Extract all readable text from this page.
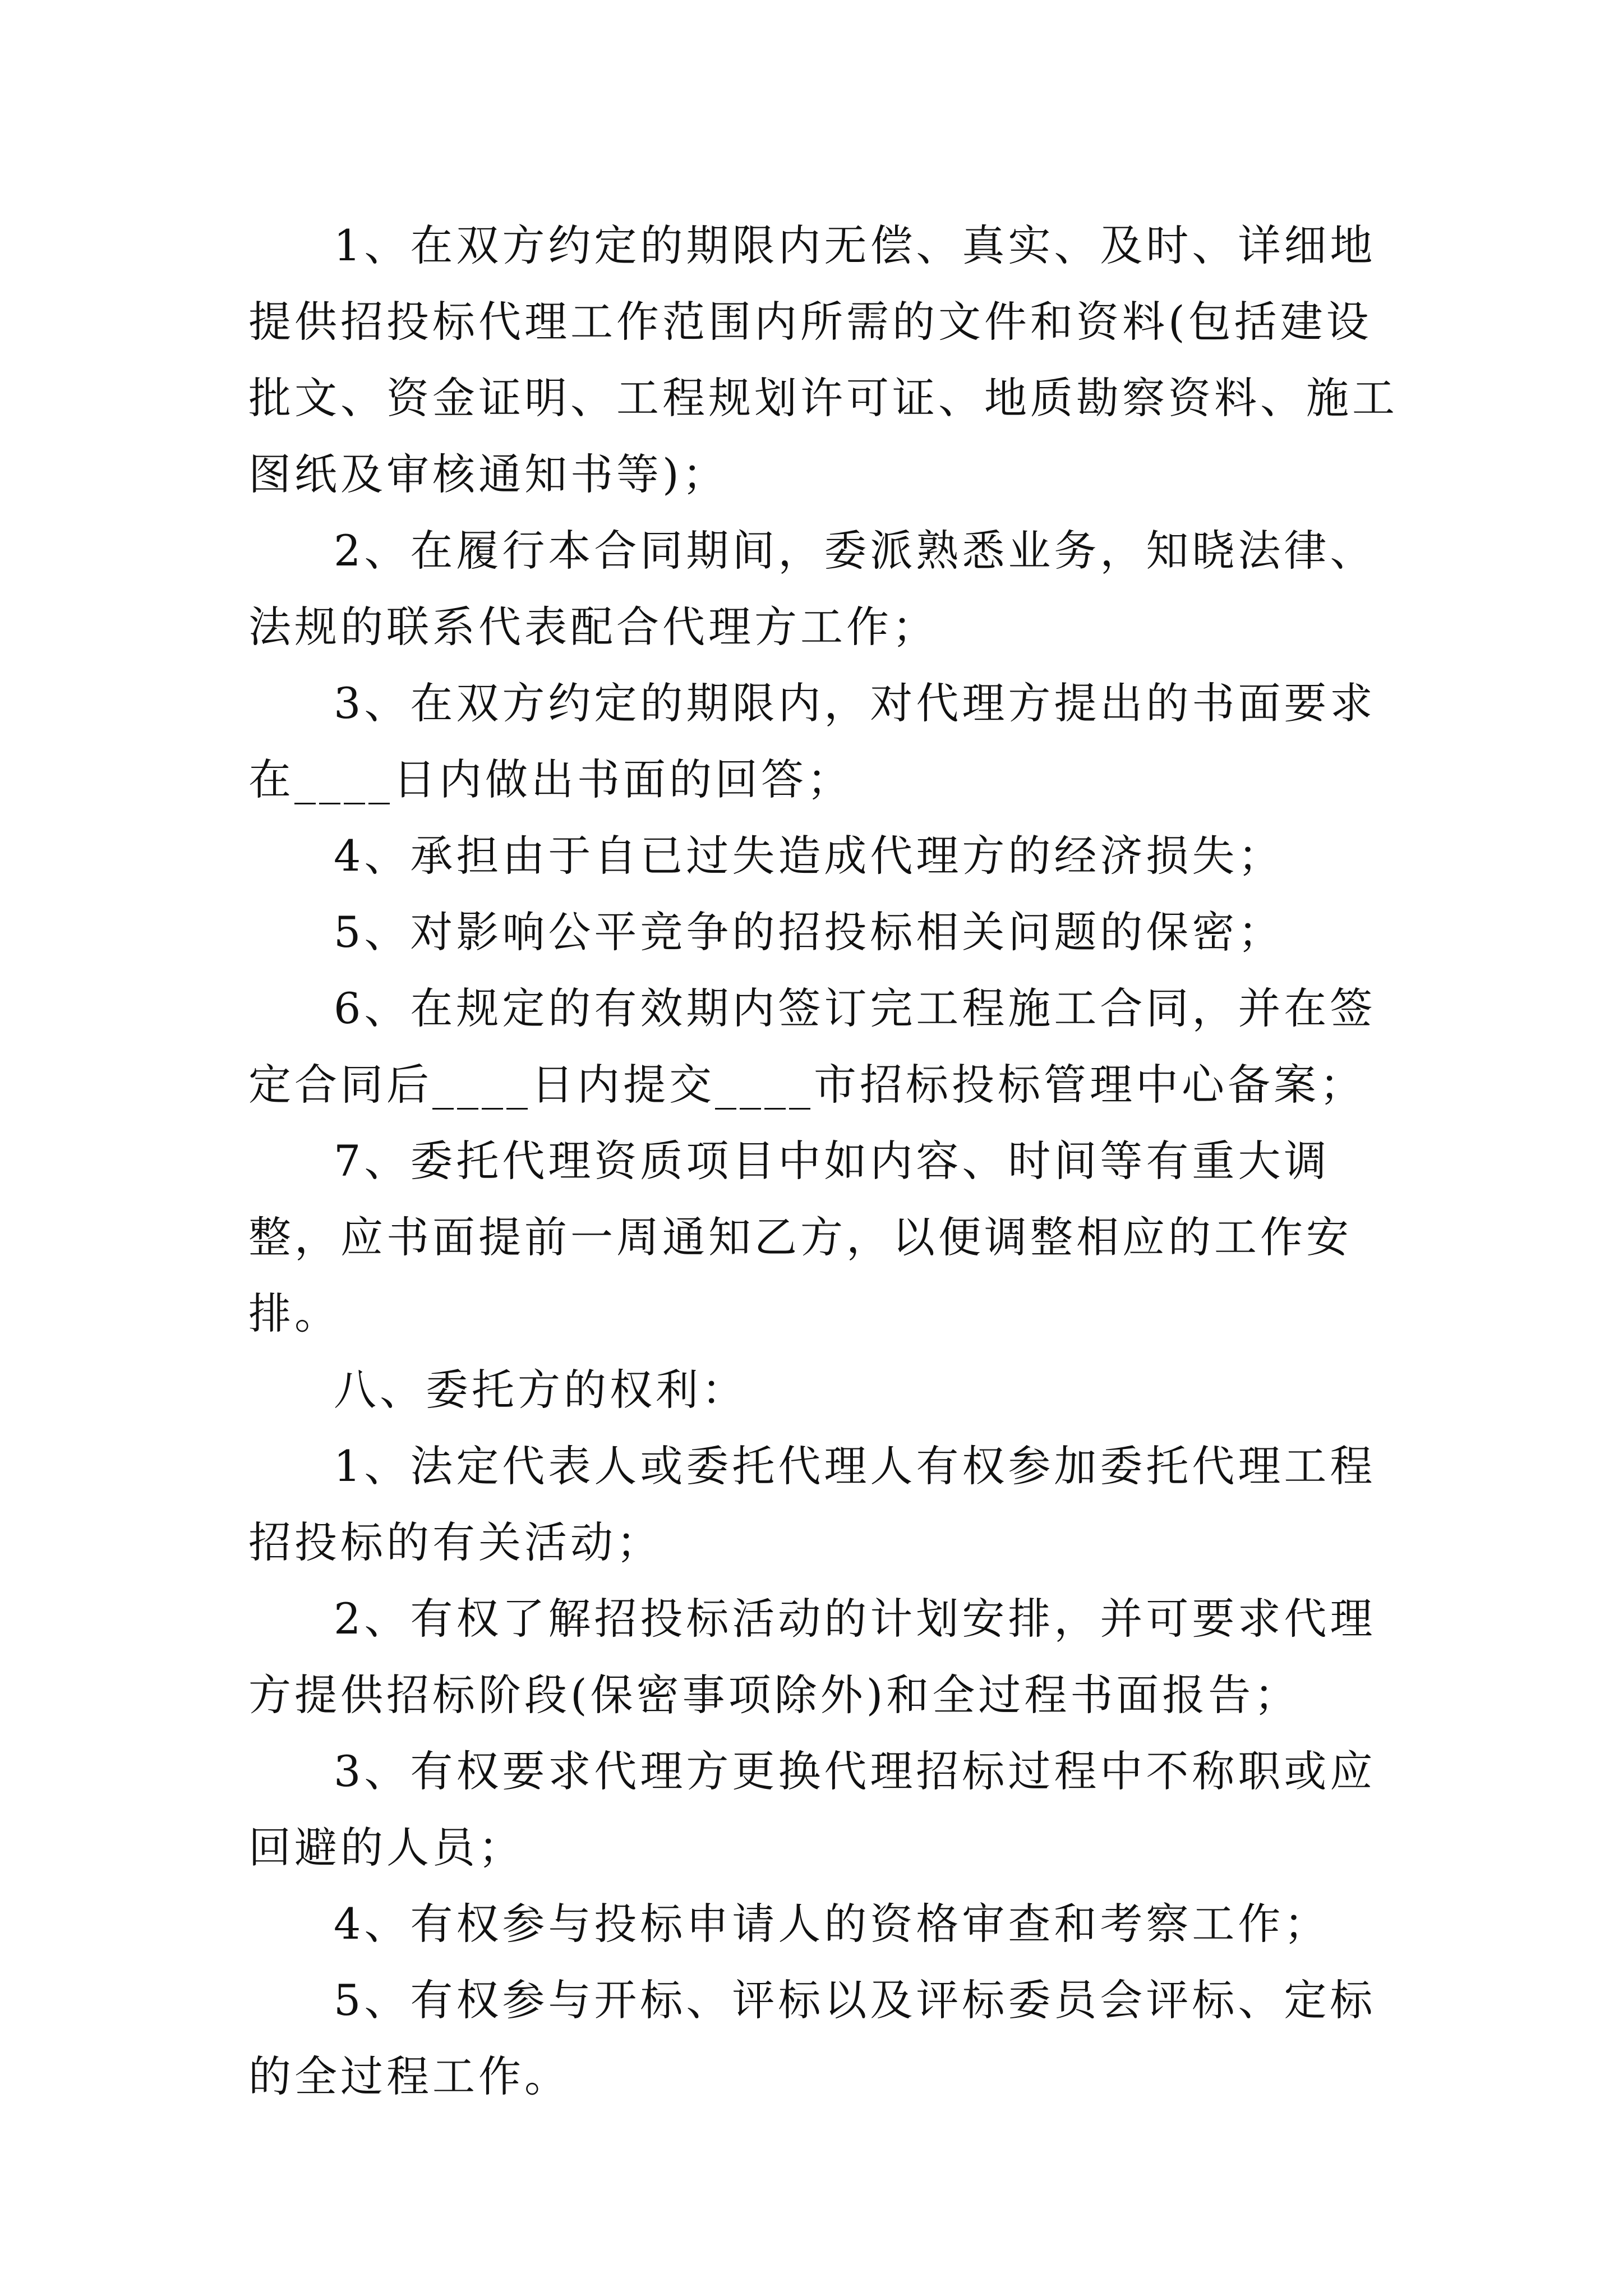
1、在双方约定的期限内无偿、真实、及时、详细地提供招投标代理工作范围内所需的文件和资料(包括建设批文、资金证明、工程规划许可证、地质勘察资料、施工图纸及审核通知书等)；

2、在履行本合同期间，委派熟悉业务，知晓法律、法规的联系代表配合代理方工作；

3、在双方约定的期限内，对代理方提出的书面要求在____日内做出书面的回答；

4、承担由于自已过失造成代理方的经济损失；

5、对影响公平竞争的招投标相关问题的保密；

6、在规定的有效期内签订完工程施工合同，并在签定合同后____日内提交____市招标投标管理中心备案；

7、委托代理资质项目中如内容、时间等有重大调整，应书面提前一周通知乙方，以便调整相应的工作安排。

八、委托方的权利：

1、法定代表人或委托代理人有权参加委托代理工程招投标的有关活动；

2、有权了解招投标活动的计划安排，并可要求代理方提供招标阶段(保密事项除外)和全过程书面报告；

3、有权要求代理方更换代理招标过程中不称职或应回避的人员；

4、有权参与投标申请人的资格审查和考察工作；

5、有权参与开标、评标以及评标委员会评标、定标的全过程工作。
